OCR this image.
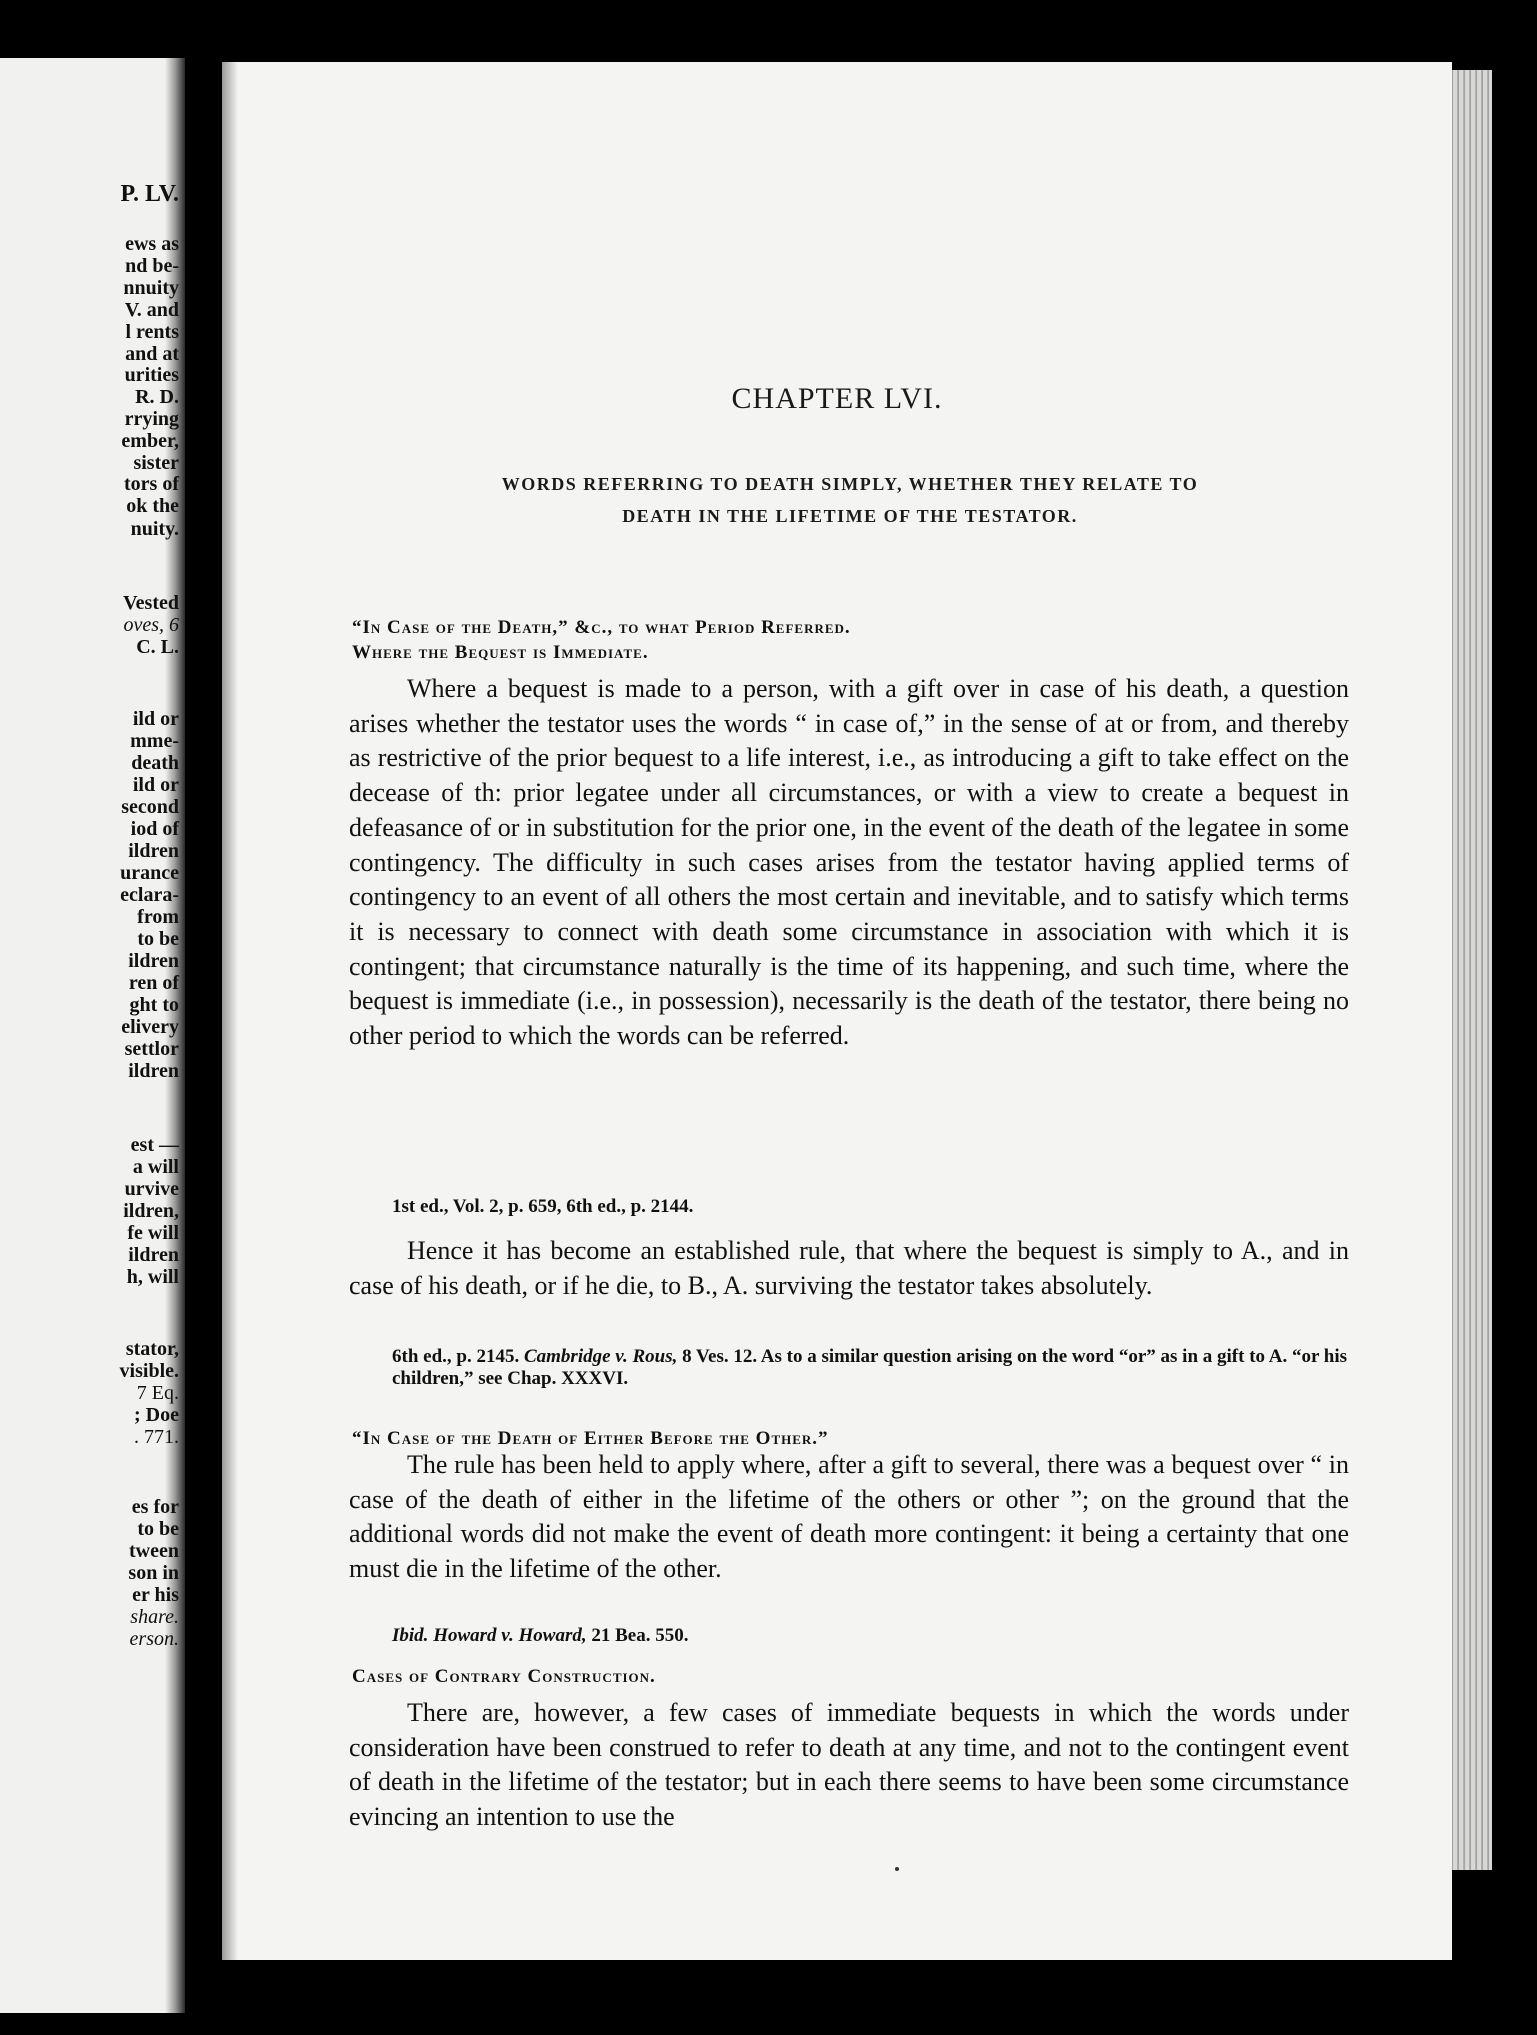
P. LV.
ews as
nd be-
nnuity
V. and
l rents
and at
urities
R. D.
rrying
ember,
sister
tors of
ok the
nuity.
Vested
oves, 6
C. L.
ild or
mme-
death
ild or
second
iod of
ildren
urance
eclara-
from
to be
ildren
ren of
ght to
elivery
settlor
ildren
est —
a will
urvive
ildren,
fe will
ildren
h, will
stator,
visible.
7 Eq.
; Doe
. 771.
es for
to be
tween
son in
er his
share.
erson.
CHAPTER LVI.
WORDS REFERRING TO DEATH SIMPLY, WHETHER THEY RELATE TO
DEATH IN THE LIFETIME OF THE TESTATOR.
“In Case of the Death,” &c., to what Period Referred.
Where the Bequest is Immediate.
Where a bequest is made to a person, with a gift over in case of his death, a question arises whether the testator uses the words “ in case of,” in the sense of at or from, and thereby as restrictive of the prior bequest to a life interest, i.e., as introducing a gift to take effect on the decease of th: prior legatee under all circumstances, or with a view to create a bequest in defeasance of or in substitution for the prior one, in the event of the death of the legatee in some contingency. The difficulty in such cases arises from the testator having applied terms of contingency to an event of all others the most certain and inevitable, and to satisfy which terms it is necessary to connect with death some circumstance in association with which it is contingent; that circumstance naturally is the time of its happening, and such time, where the bequest is immediate (i.e., in possession), necessarily is the death of the testator, there being no other period to which the words can be referred.
1st ed., Vol. 2, p. 659, 6th ed., p. 2144.
Hence it has become an established rule, that where the bequest is simply to A., and in case of his death, or if he die, to B., A. surviving the testator takes absolutely.
6th ed., p. 2145. Cambridge v. Rous, 8 Ves. 12. As to a similar question arising on the word “or” as in a gift to A. “or his children,” see Chap. XXXVI.
“In Case of the Death of Either Before the Other.”
The rule has been held to apply where, after a gift to several, there was a bequest over “ in case of the death of either in the lifetime of the others or other ”; on the ground that the additional words did not make the event of death more contingent: it being a certainty that one must die in the lifetime of the other.
Ibid. Howard v. Howard, 21 Bea. 550.
Cases of Contrary Construction.
There are, however, a few cases of immediate bequests in which the words under consideration have been construed to refer to death at any time, and not to the contingent event of death in the lifetime of the testator; but in each there seems to have been some circumstance evincing an intention to use the
